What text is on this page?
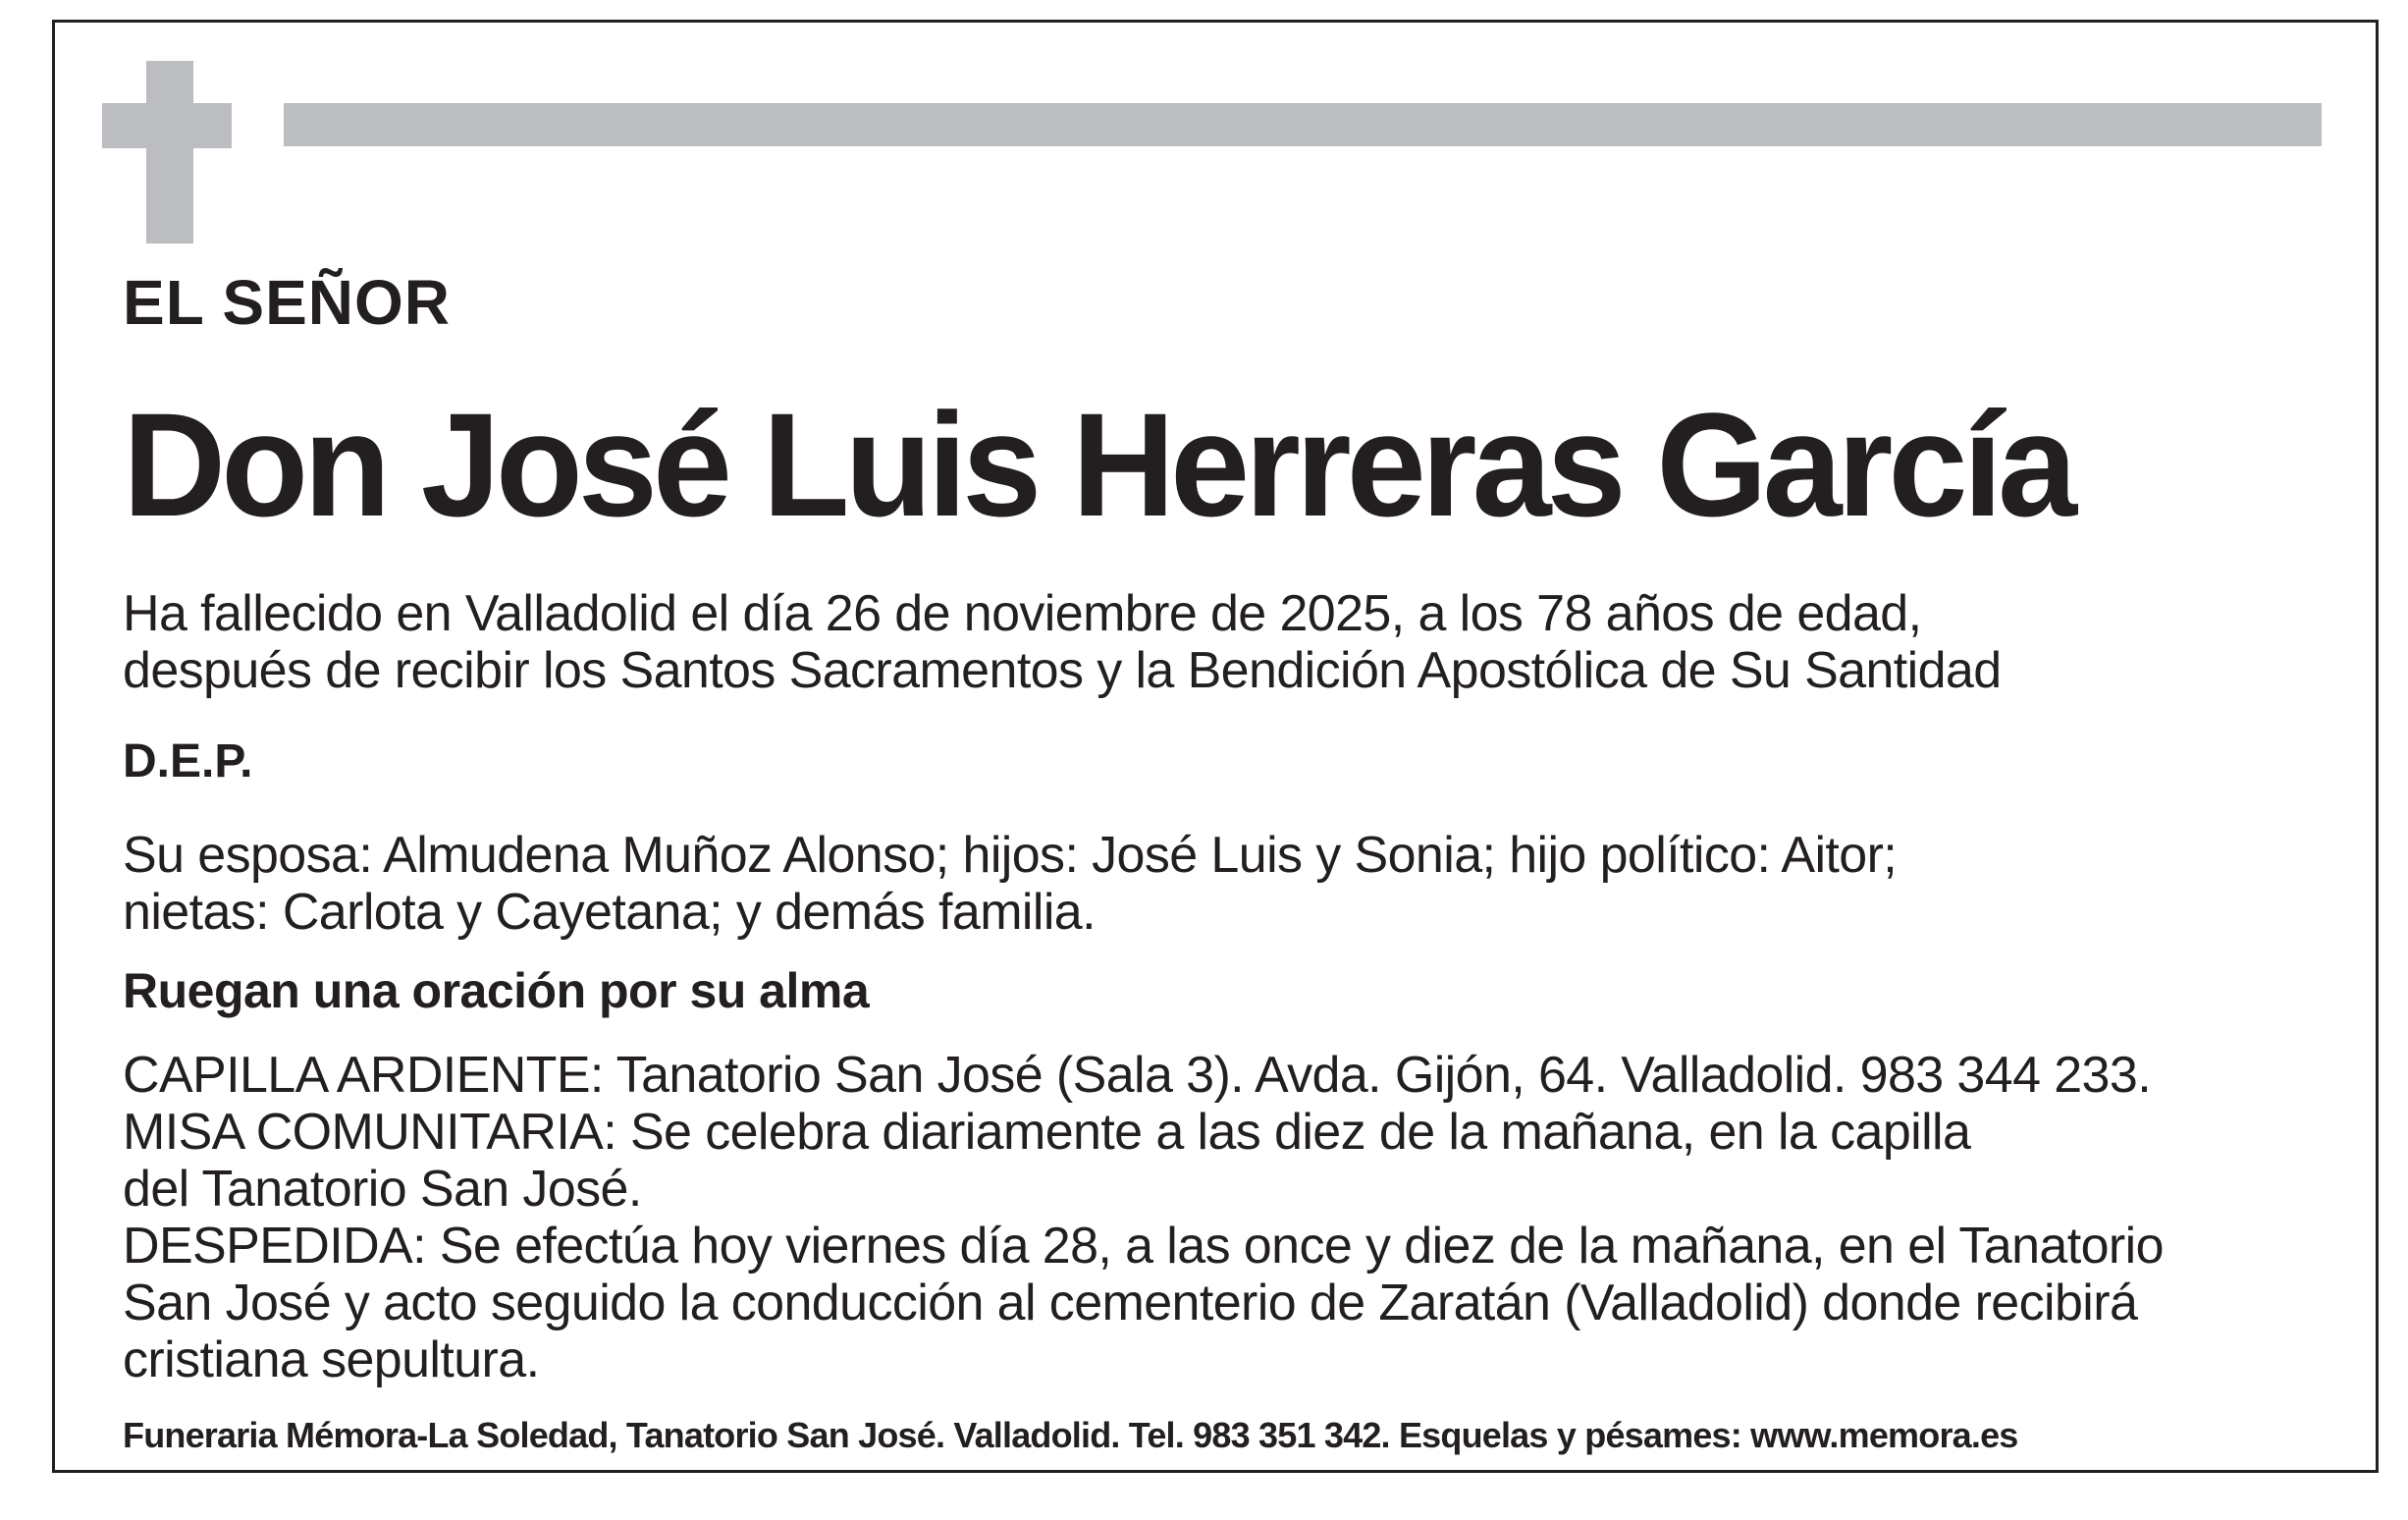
EL SEÑOR
Don José Luis Herreras García
Ha fallecido en Valladolid el día 26 de noviembre de 2025, a los 78 años de edad,
después de recibir los Santos Sacramentos y la Bendición Apostólica de Su Santidad
D.E.P.
Su esposa: Almudena Muñoz Alonso; hijos: José Luis y Sonia; hijo político: Aitor;
nietas: Carlota y Cayetana; y demás familia.
Ruegan una oración por su alma
CAPILLA ARDIENTE: Tanatorio San José (Sala 3). Avda. Gijón, 64. Valladolid. 983 344 233.
MISA COMUNITARIA: Se celebra diariamente a las diez de la mañana, en la capilla
del Tanatorio San José.
DESPEDIDA: Se efectúa hoy viernes día 28, a las once y diez de la mañana, en el Tanatorio
San José y acto seguido la conducción al cementerio de Zaratán (Valladolid) donde recibirá
cristiana sepultura.
Funeraria Mémora-La Soledad, Tanatorio San José. Valladolid. Tel. 983 351 342. Esquelas y pésames: www.memora.es
